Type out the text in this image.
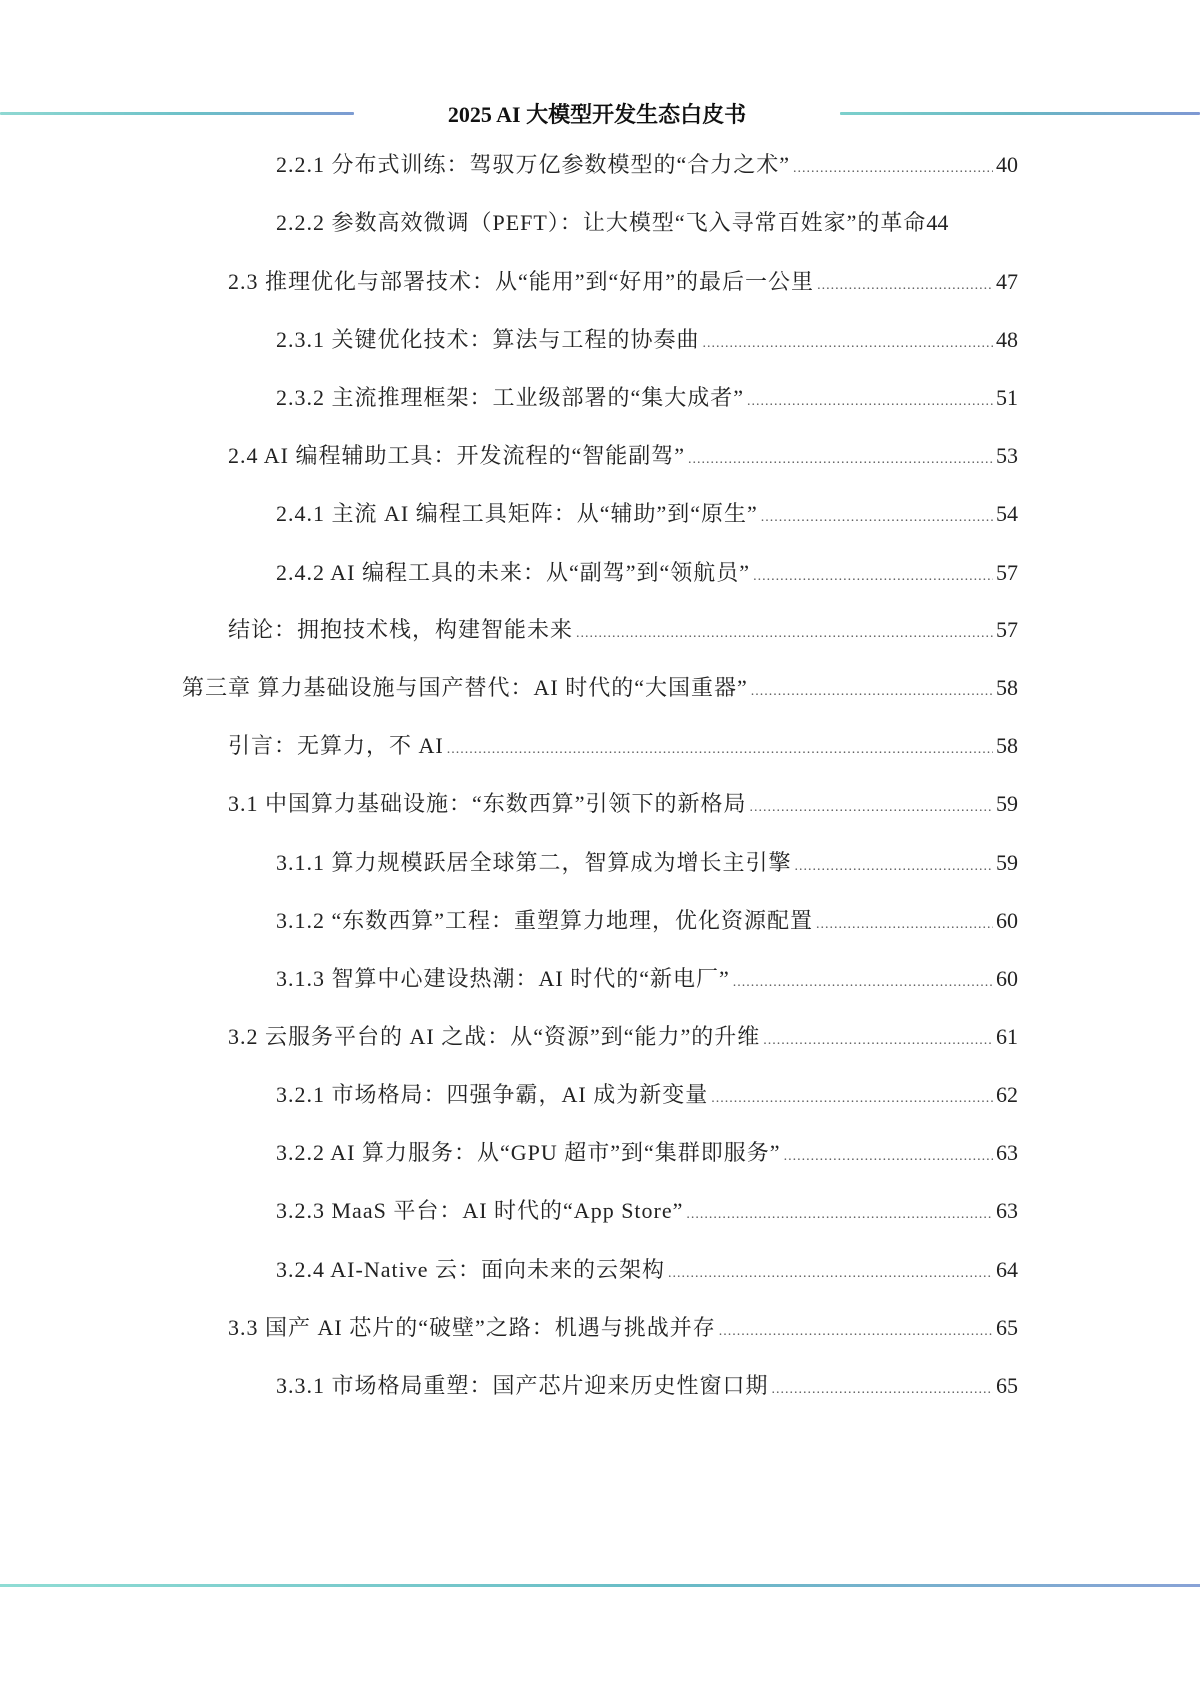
2025 AI 大模型开发生态白皮书
2.2.1 分布式训练：驾驭万亿参数模型的“合力之术” .....	40
2.2.2 参数高效微调（PEFT）：让大模型“飞入寻常百姓家”的革命 44
2.3 推理优化与部署技术：从“能用”到“好用”的最后一公里 .....	47
2.3.1 关键优化技术：算法与工程的协奏曲 .....	48
2.3.2 主流推理框架：工业级部署的“集大成者” .....	51
2.4 AI 编程辅助工具：开发流程的“智能副驾” .....	53
2.4.1 主流 AI 编程工具矩阵：从“辅助”到“原生” .....	54
2.4.2 AI 编程工具的未来：从“副驾”到“领航员” .....	57
结论：拥抱技术栈，构建智能未来 .....	57
第三章 算力基础设施与国产替代：AI 时代的“大国重器” .....	58
引言：无算力，不 AI .....	58
3.1 中国算力基础设施：“东数西算”引领下的新格局 .....	59
3.1.1 算力规模跃居全球第二，智算成为增长主引擎 .....	59
3.1.2 “东数西算”工程：重塑算力地理，优化资源配置 .....	60
3.1.3 智算中心建设热潮：AI 时代的“新电厂” .....	60
3.2 云服务平台的 AI 之战：从“资源”到“能力”的升维 .....	61
3.2.1 市场格局：四强争霸，AI 成为新变量 .....	62
3.2.2 AI 算力服务：从“GPU 超市”到“集群即服务” .....	63
3.2.3 MaaS 平台：AI 时代的“App Store” .....	63
3.2.4 AI-Native 云：面向未来的云架构 .....	64
3.3 国产 AI 芯片的“破壁”之路：机遇与挑战并存 .....	65
3.3.1 市场格局重塑：国产芯片迎来历史性窗口期 .....	65
